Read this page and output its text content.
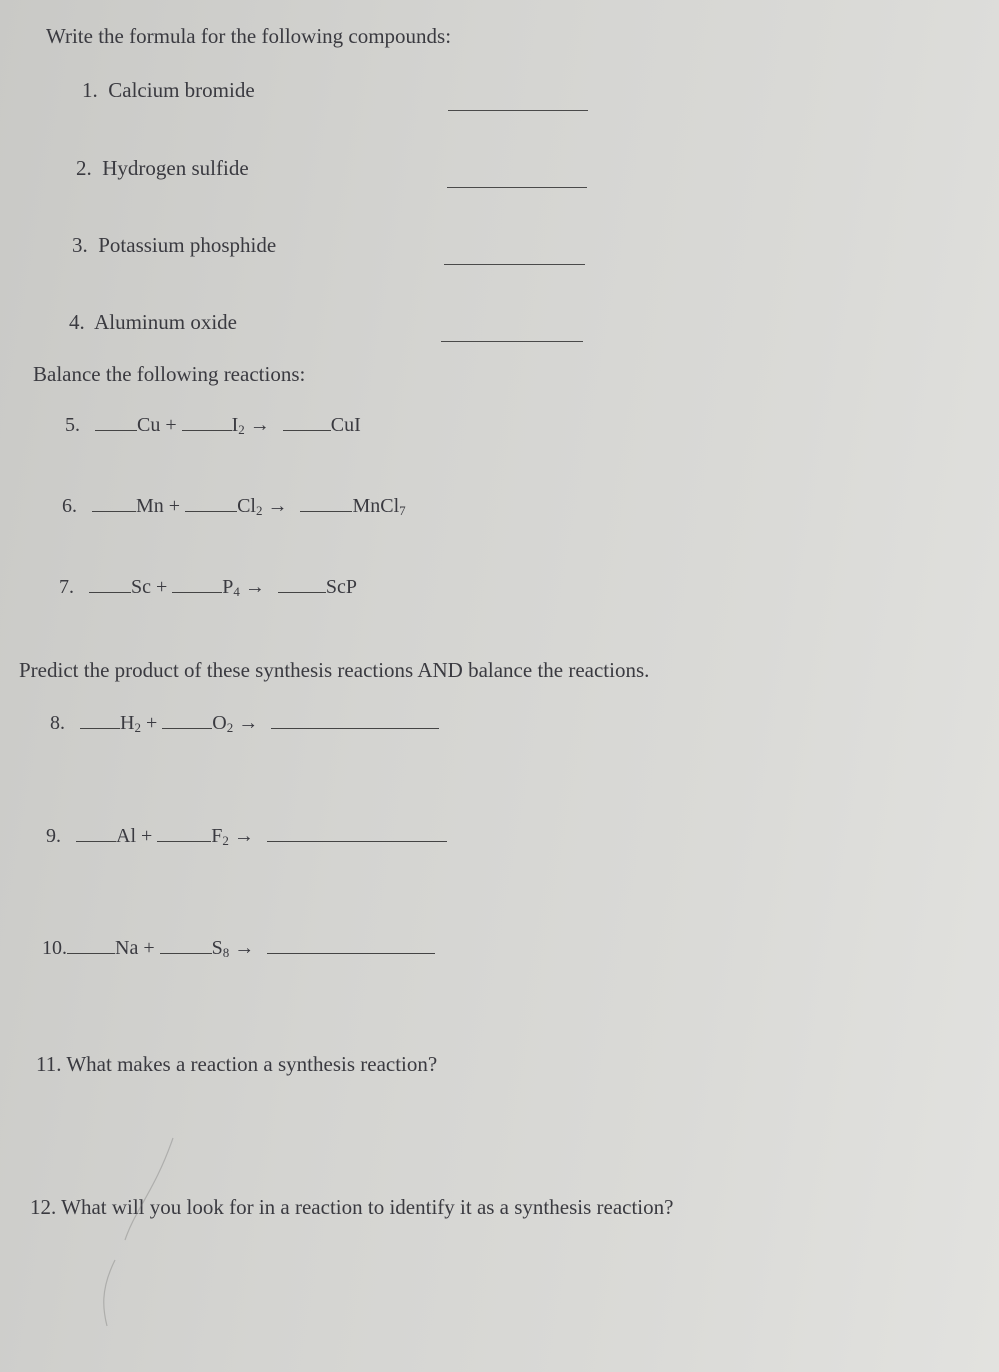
Write the formula for the following compounds:
1. Calcium bromide
2. Hydrogen sulfide
3. Potassium phosphide
4. Aluminum oxide
Balance the following reactions:
5.	Cu +	$I_2$ →	CuI
6.	Mn +	$Cl_2$ →	MnCl$_7$
7.	Sc +	$P_4$ →	ScP
Predict the product of these synthesis reactions AND balance the reactions.
8.	$H_2$ +	$O_2$ →
9.	Al +	$F_2$ →
10. Na +	$S_8$ →
11. What makes a reaction a synthesis reaction?
12. What will you look for in a reaction to identify it as a synthesis reaction?
